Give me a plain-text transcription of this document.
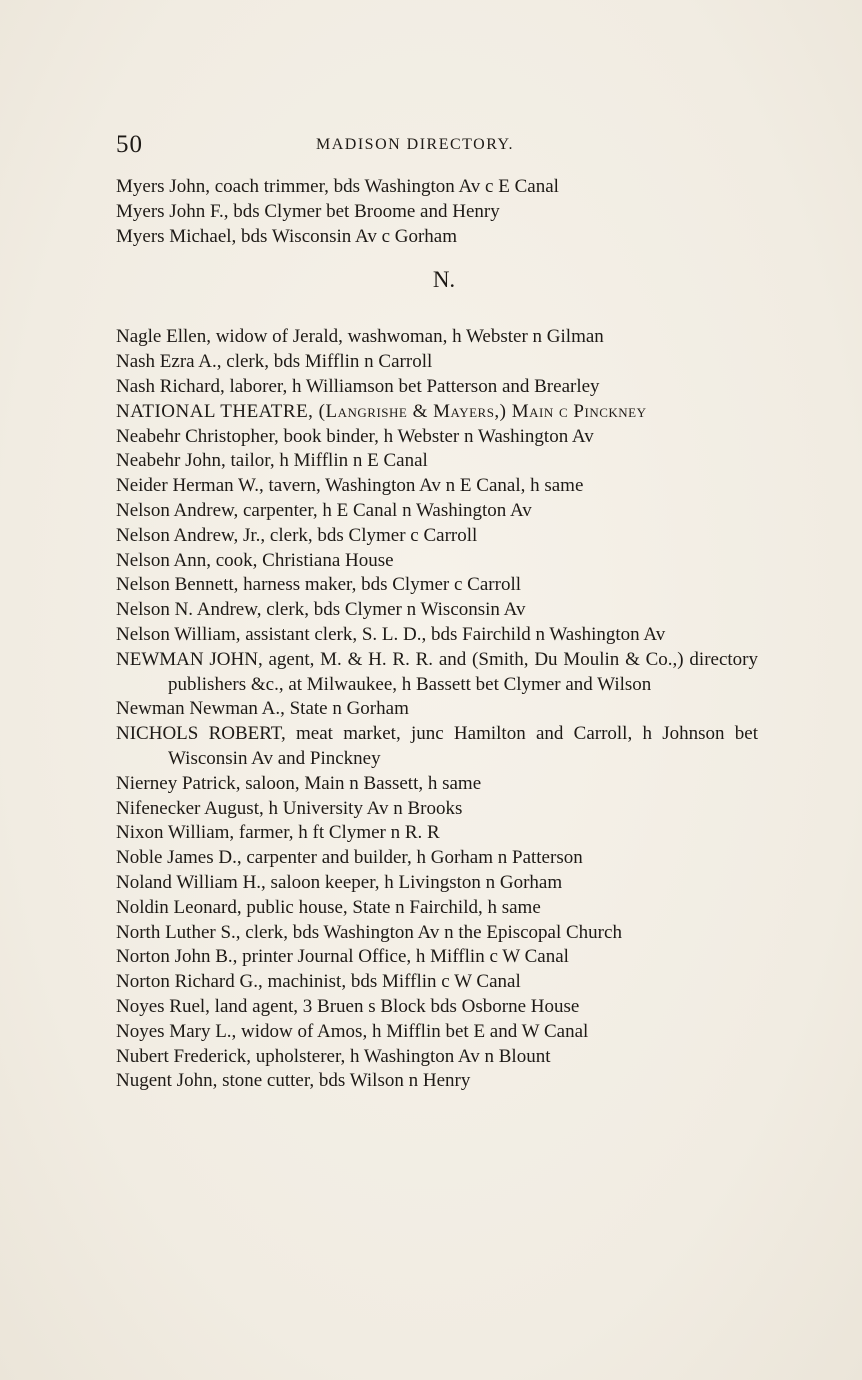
50	MADISON DIRECTORY.

Myers John, coach trimmer, bds Washington Av c E Canal

Myers John F., bds Clymer bet Broome and Henry

Myers Michael, bds Wisconsin Av c Gorham

N.

Nagle Ellen, widow of Jerald, washwoman, h Webster n Gilman

Nash Ezra A., clerk, bds Mifflin n Carroll

Nash Richard, laborer, h Williamson bet Patterson and Brearley

NATIONAL THEATRE, (Langrishe & Mayers,) Main c Pinckney

Neabehr Christopher, book binder, h Webster n Washington Av

Neabehr John, tailor, h Mifflin n E Canal

Neider Herman W., tavern, Washington Av n E Canal, h same

Nelson Andrew, carpenter, h E Canal n Washington Av

Nelson Andrew, Jr., clerk, bds Clymer c Carroll

Nelson Ann, cook, Christiana House

Nelson Bennett, harness maker, bds Clymer c Carroll

Nelson N. Andrew, clerk, bds Clymer n Wisconsin Av

Nelson William, assistant clerk, S. L. D., bds Fairchild n Washington Av

NEWMAN JOHN, agent, M. & H. R. R. and (Smith, Du Moulin & Co.,) directory publishers &c., at Milwaukee, h Bassett bet Clymer and Wilson

Newman Newman A., State n Gorham

NICHOLS ROBERT, meat market, junc Hamilton and Carroll, h Johnson bet Wisconsin Av and Pinckney

Nierney Patrick, saloon, Main n Bassett, h same

Nifenecker August, h University Av n Brooks

Nixon William, farmer, h ft Clymer n R. R

Noble James D., carpenter and builder, h Gorham n Patterson

Noland William H., saloon keeper, h Livingston n Gorham

Noldin Leonard, public house, State n Fairchild, h same

North Luther S., clerk, bds Washington Av n the Episcopal Church

Norton John B., printer Journal Office, h Mifflin c W Canal

Norton Richard G., machinist, bds Mifflin c W Canal

Noyes Ruel, land agent, 3 Bruen s Block bds Osborne House

Noyes Mary L., widow of Amos, h Mifflin bet E and W Canal

Nubert Frederick, upholsterer, h Washington Av n Blount

Nugent John, stone cutter, bds Wilson n Henry
